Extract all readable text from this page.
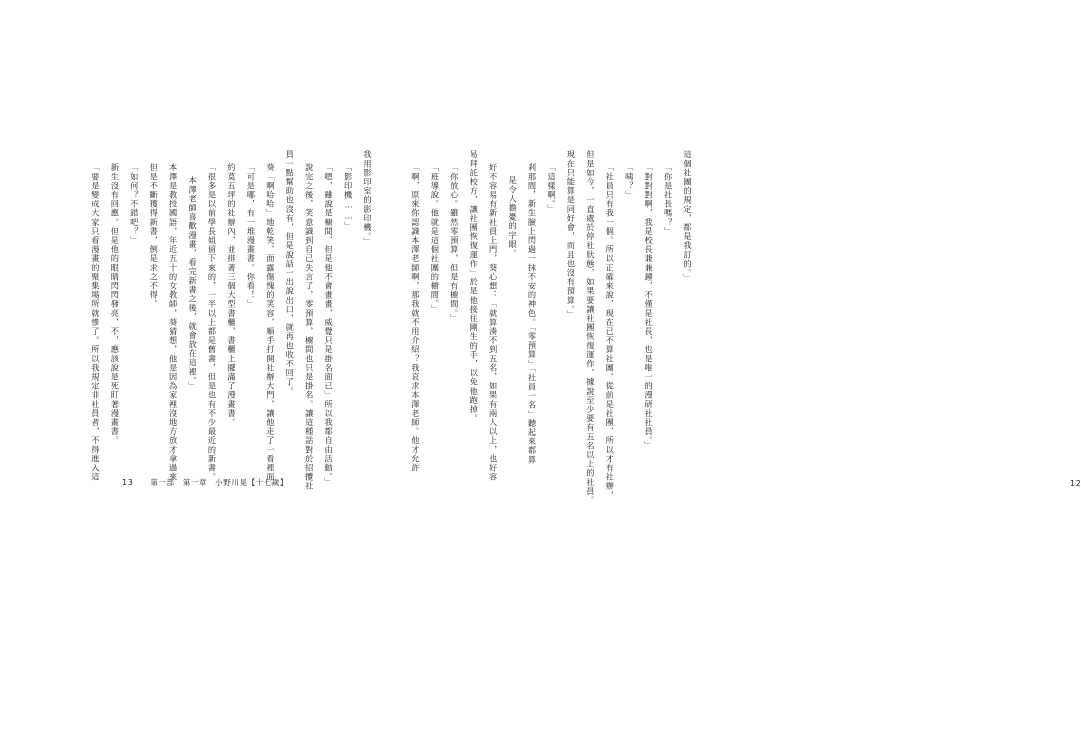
這個社團的規定，都是我訂的。」
「你是社長嗎？」
「對對對啊，我是校長兼兼鐘，不僅是社長，也是唯一的漫研社社員。」
「咦？」
「社員只有我一個。所以正確來說，現在已不算社團。從前是社團，所以才有社辦，
但是如今，一直處於停社狀態，如果要讓社團恢復運作，據說至少要有五名以上的社員。
現在只能算是同好會，而且也沒有預算。」
「這樣啊。」
剎那間，新生臉上閃過一抹不安的神色。「零預算」「社員一名」聽起來都算
是令人擔憂的字眼。
好不容易有新社員上門，葵心想：「就算湊不到五名，如果有兩人以上，也好容
易拜託校方，讓社團恢復運作」於是他接住剛生的手，以免他跑掉。
「你放心。雖然零預算，但是有櫥間。」
「班導說。他就是這個社團的櫥間。」
「啊，原來你認識本澤老師啊，那我就不用介紹？我哀求本澤老師。他才允許
12
我用影印室的影印機。」
「影印機……」
「嗯，雖說是櫥間，但是他不會畫畫，威覺只是掛名面已」所以我都自由活動。」
說完之後，笑意識到自己失言了，零預算，櫥間也只是掛名。讓這種話對於招攬社
員一點幫助也沒有，但是說話一出說出口，就再也收不回了。
葵「啊哈哈」地乾笑，面露傷愧的笑容，順手打開社辦大門，讓他走了一看裡面。
「可是哪，有一堆漫畫書。你看！」
約莫五坪的社辦內，並排著三個大型書櫃，書櫃上擺滿了漫畫書。
「很多是以前學長姐留下來的，一半以上都是舊書，但是也有不少最近的新書。
本澤老師喜歡漫畫，看完新書之後，就會放在這裡。」
本澤是教授國語，年近五十的女教師，葵猜想，他是因為家裡沒地方放才拿過來
但是不斷獲得新書，倒是求之不得。
「如何？不錯吧？」
新生沒有回應。但是他的眼睛閃閃發亮，不，應該說是死盯著漫畫書。
「要是變成大家只看漫畫的聚集場所就慘了。所以我規定非社員者，不得進入這
13 第一部　第一章　小野川晃【十七歲】
